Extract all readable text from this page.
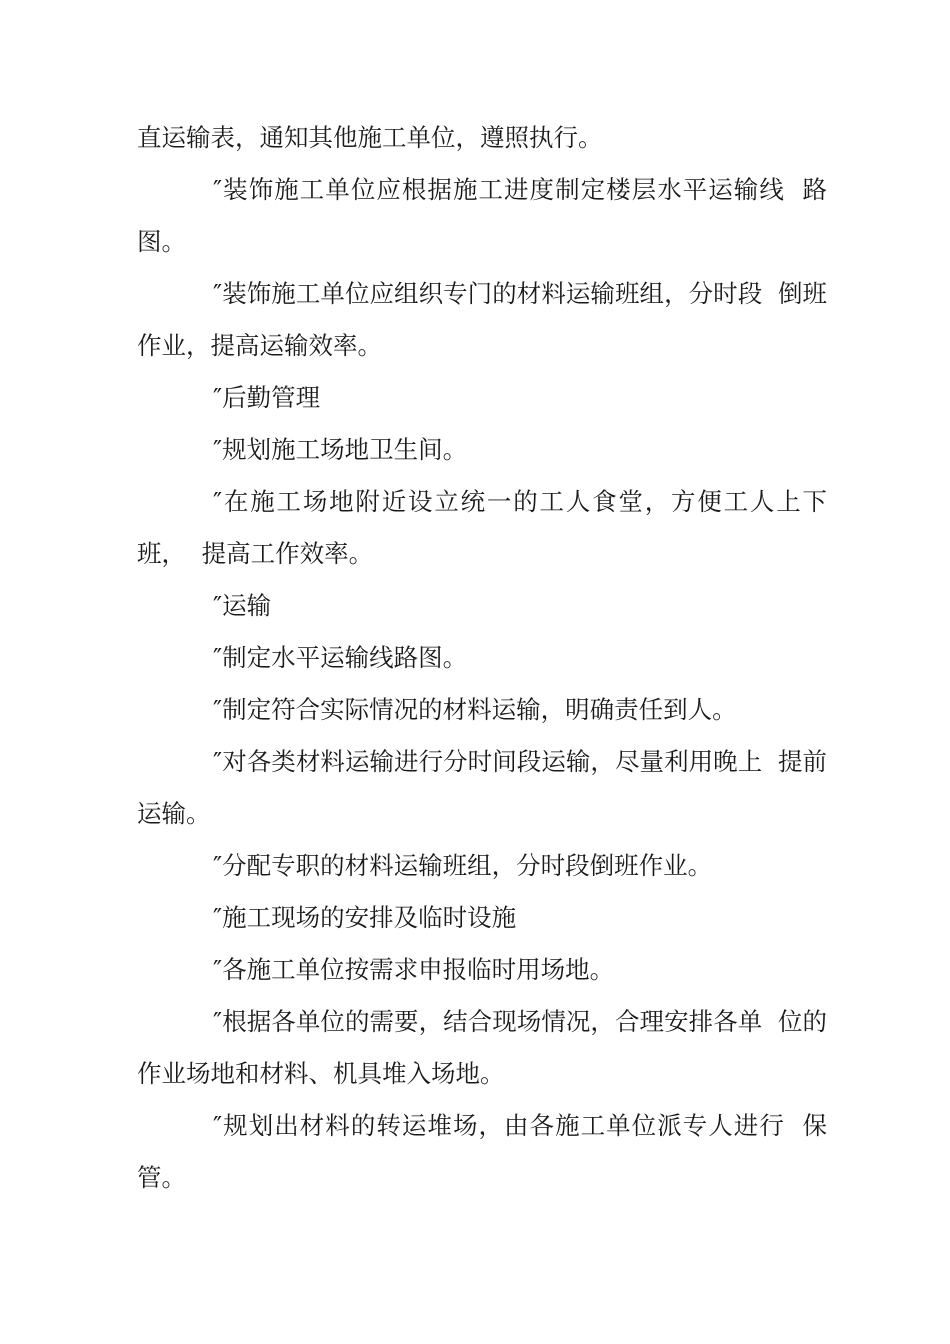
直运输表，通知其他施工单位，遵照执行。

″装饰施工单位应根据施工进度制定楼层水平运输线  路图。

″装饰施工单位应组织专门的材料运输班组，分时段  倒班作业，提高运输效率。

″后勤管理

″规划施工场地卫生间。

″在施工场地附近设立统一的工人食堂，方便工人上下班，  提高工作效率。

″运输

″制定水平运输线路图。

″制定符合实际情况的材料运输，明确责任到人。

″对各类材料运输进行分时间段运输，尽量利用晚上  提前运输。

″分配专职的材料运输班组，分时段倒班作业。

″施工现场的安排及临时设施

″各施工单位按需求申报临时用场地。

″根据各单位的需要，结合现场情况，合理安排各单  位的作业场地和材料、机具堆入场地。

″规划出材料的转运堆场，由各施工单位派专人进行  保管。
